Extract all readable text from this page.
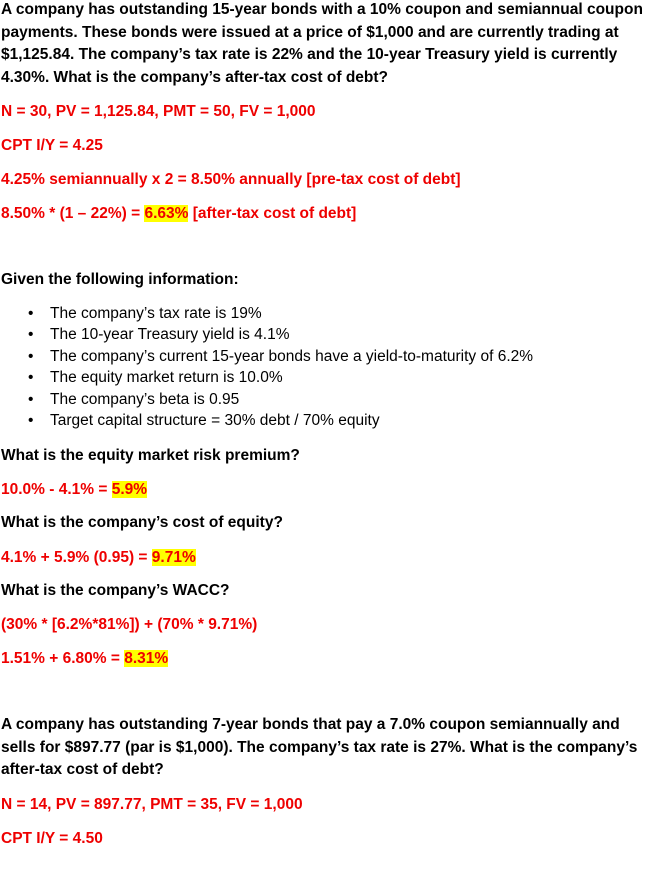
A company has outstanding 15-year bonds with a 10% coupon and semiannual coupon payments. These bonds were issued at a price of $1,000 and are currently trading at $1,125.84. The company’s tax rate is 22% and the 10-year Treasury yield is currently 4.30%. What is the company’s after-tax cost of debt?

N = 30, PV = 1,125.84, PMT = 50, FV = 1,000

CPT I/Y = 4.25

4.25% semiannually x 2 = 8.50% annually [pre-tax cost of debt]

8.50% * (1 – 22%) = 6.63% [after-tax cost of debt]

Given the following information:

• The company’s tax rate is 19%
• The 10-year Treasury yield is 4.1%
• The company’s current 15-year bonds have a yield-to-maturity of 6.2%
• The equity market return is 10.0%
• The company’s beta is 0.95
• Target capital structure = 30% debt / 70% equity

What is the equity market risk premium?

10.0% - 4.1% = 5.9%

What is the company’s cost of equity?

4.1% + 5.9% (0.95) = 9.71%

What is the company’s WACC?

(30% * [6.2%*81%]) + (70% * 9.71%)

1.51% + 6.80% = 8.31%

A company has outstanding 7-year bonds that pay a 7.0% coupon semiannually and sells for $897.77 (par is $1,000). The company’s tax rate is 27%. What is the company’s after-tax cost of debt?

N = 14, PV = 897.77, PMT = 35, FV = 1,000

CPT I/Y = 4.50
